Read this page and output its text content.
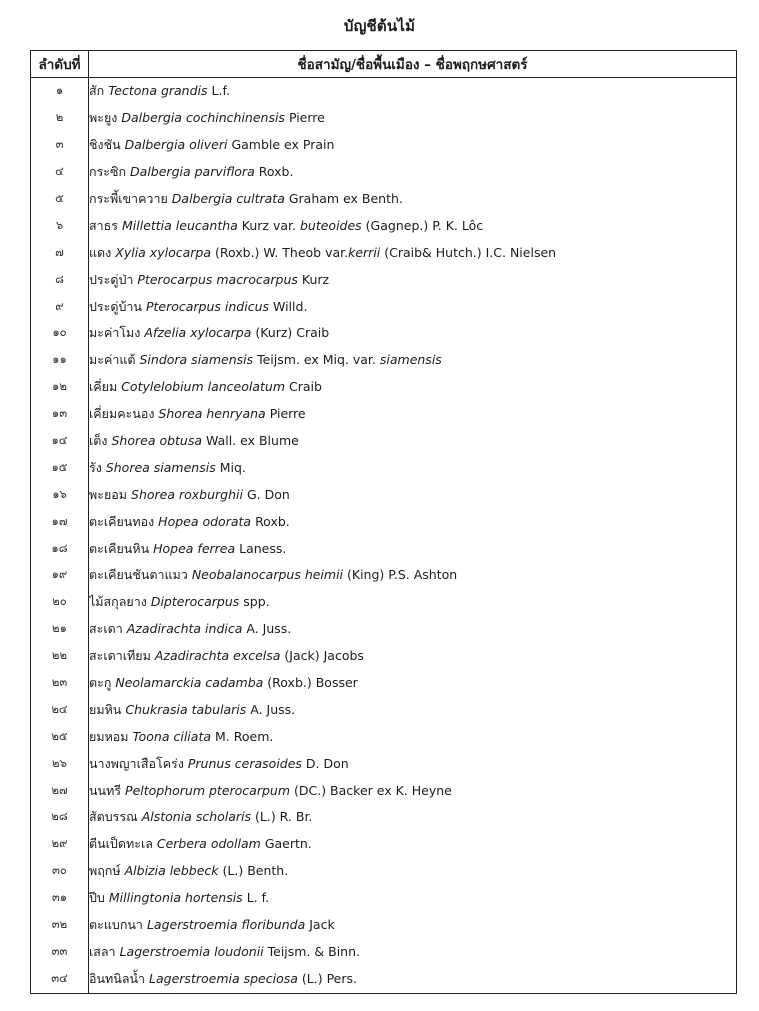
บัญชีต้นไม้
ลำดับที่	ชื่อสามัญ/ชื่อพื้นเมือง – ชื่อพฤกษศาสตร์
๑	สัก Tectona grandis L.f.
๒	พะยูง Dalbergia cochinchinensis Pierre
๓	ชิงชัน Dalbergia oliveri Gamble ex Prain
๔	กระซิก Dalbergia parviflora Roxb.
๕	กระพี้เขาควาย Dalbergia cultrata Graham ex Benth.
๖	สาธร Millettia leucantha Kurz var. buteoides (Gagnep.) P. K. Lôc
๗	แดง Xylia xylocarpa (Roxb.) W. Theob var.kerrii (Craib& Hutch.) I.C. Nielsen
๘	ประดู่ป่า Pterocarpus macrocarpus Kurz
๙	ประดู่บ้าน Pterocarpus indicus Willd.
๑๐	มะค่าโมง Afzelia xylocarpa (Kurz) Craib
๑๑	มะค่าแต้ Sindora siamensis Teijsm. ex Miq. var. siamensis
๑๒	เคี่ยม Cotylelobium lanceolatum Craib
๑๓	เคี่ยมคะนอง Shorea henryana Pierre
๑๔	เต็ง Shorea obtusa Wall. ex Blume
๑๕	รัง Shorea siamensis Miq.
๑๖	พะยอม Shorea roxburghii G. Don
๑๗	ตะเคียนทอง Hopea odorata Roxb.
๑๘	ตะเคียนหิน Hopea ferrea Laness.
๑๙	ตะเคียนชันตาแมว Neobalanocarpus heimii (King) P.S. Ashton
๒๐	ไม้สกุลยาง Dipterocarpus spp.
๒๑	สะเดา Azadirachta indica A. Juss.
๒๒	สะเดาเทียม Azadirachta excelsa (Jack) Jacobs
๒๓	ตะกู Neolamarckia cadamba (Roxb.) Bosser
๒๔	ยมหิน Chukrasia tabularis A. Juss.
๒๕	ยมหอม Toona ciliata M. Roem.
๒๖	นางพญาเสือโคร่ง Prunus cerasoides D. Don
๒๗	นนทรี Peltophorum pterocarpum (DC.) Backer ex K. Heyne
๒๘	สัตบรรณ Alstonia scholaris (L.) R. Br.
๒๙	ตีนเป็ดทะเล Cerbera odollam Gaertn.
๓๐	พฤกษ์ Albizia lebbeck (L.) Benth.
๓๑	ปีบ Millingtonia hortensis L. f.
๓๒	ตะแบกนา Lagerstroemia floribunda Jack
๓๓	เสลา Lagerstroemia loudonii Teijsm. & Binn.
๓๔	อินทนิลน้ำ Lagerstroemia speciosa (L.) Pers.
